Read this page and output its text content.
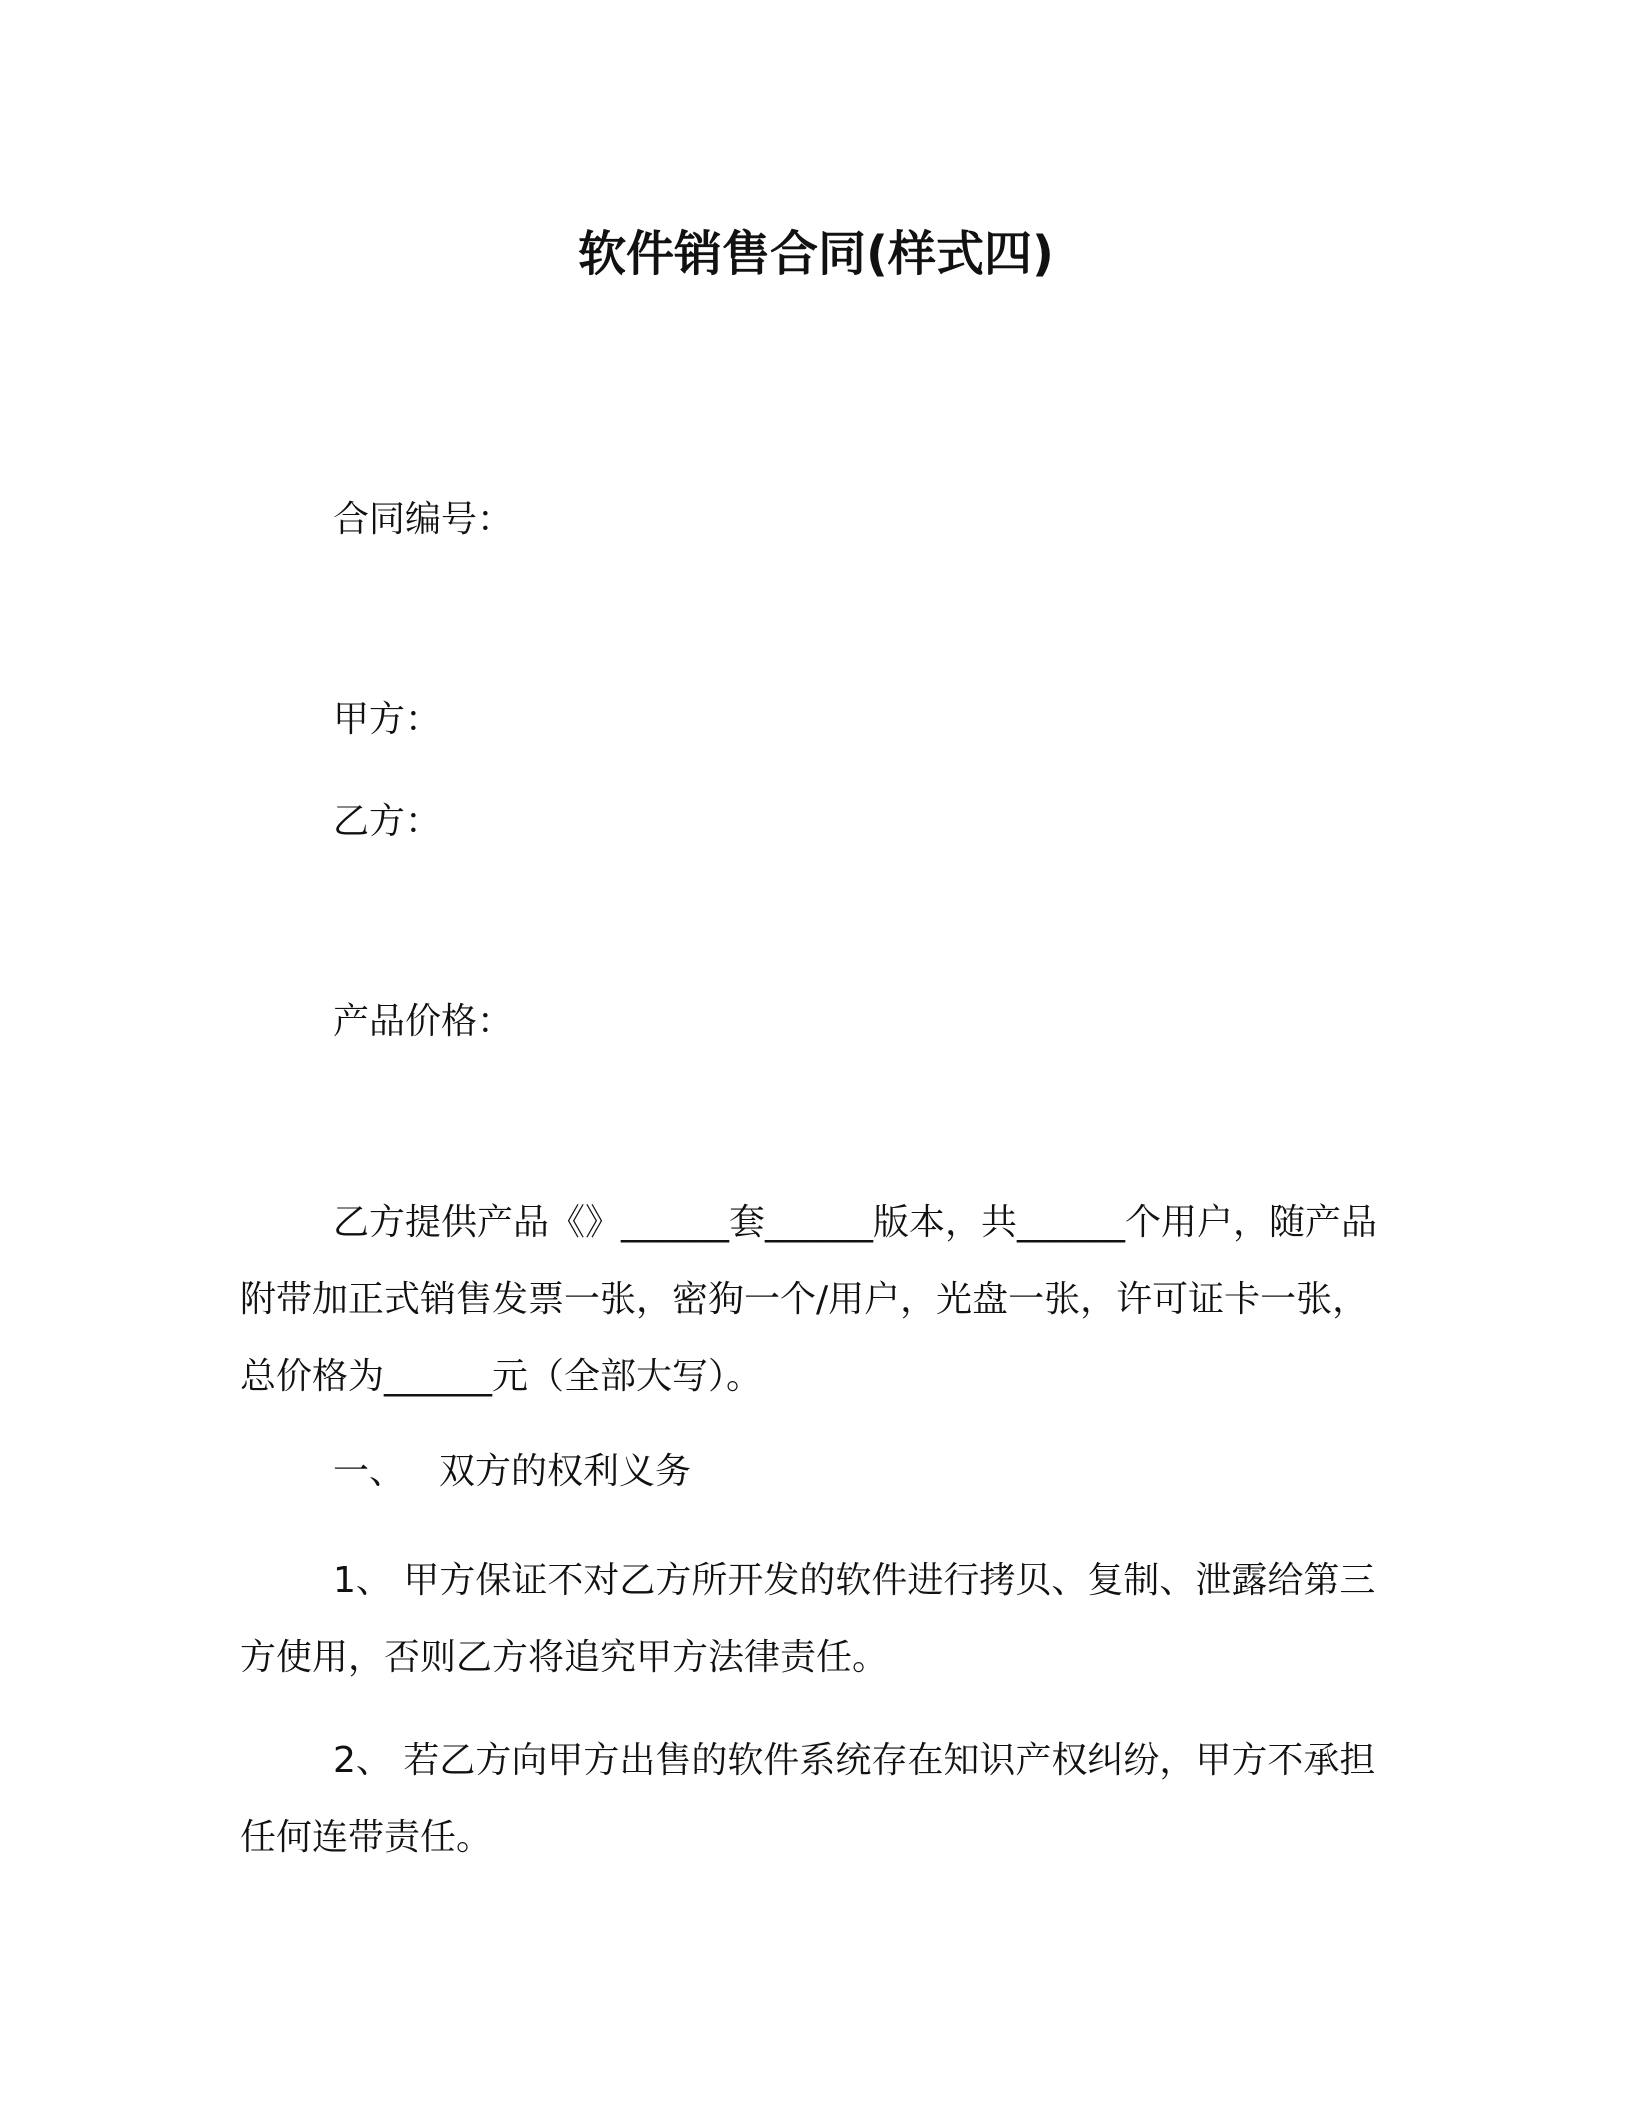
软件销售合同(样式四)
合同编号：
甲方：
乙方：
产品价格：
乙方提供产品《》______套______版本，共______个用户，随产品附带加正式销售发票一张，密狗一个/用户，光盘一张，许可证卡一张，总价格为______元（全部大写）。
一、 双方的权利义务
1、 甲方保证不对乙方所开发的软件进行拷贝、复制、泄露给第三方使用，否则乙方将追究甲方法律责任。
2、 若乙方向甲方出售的软件系统存在知识产权纠纷，甲方不承担任何连带责任。
